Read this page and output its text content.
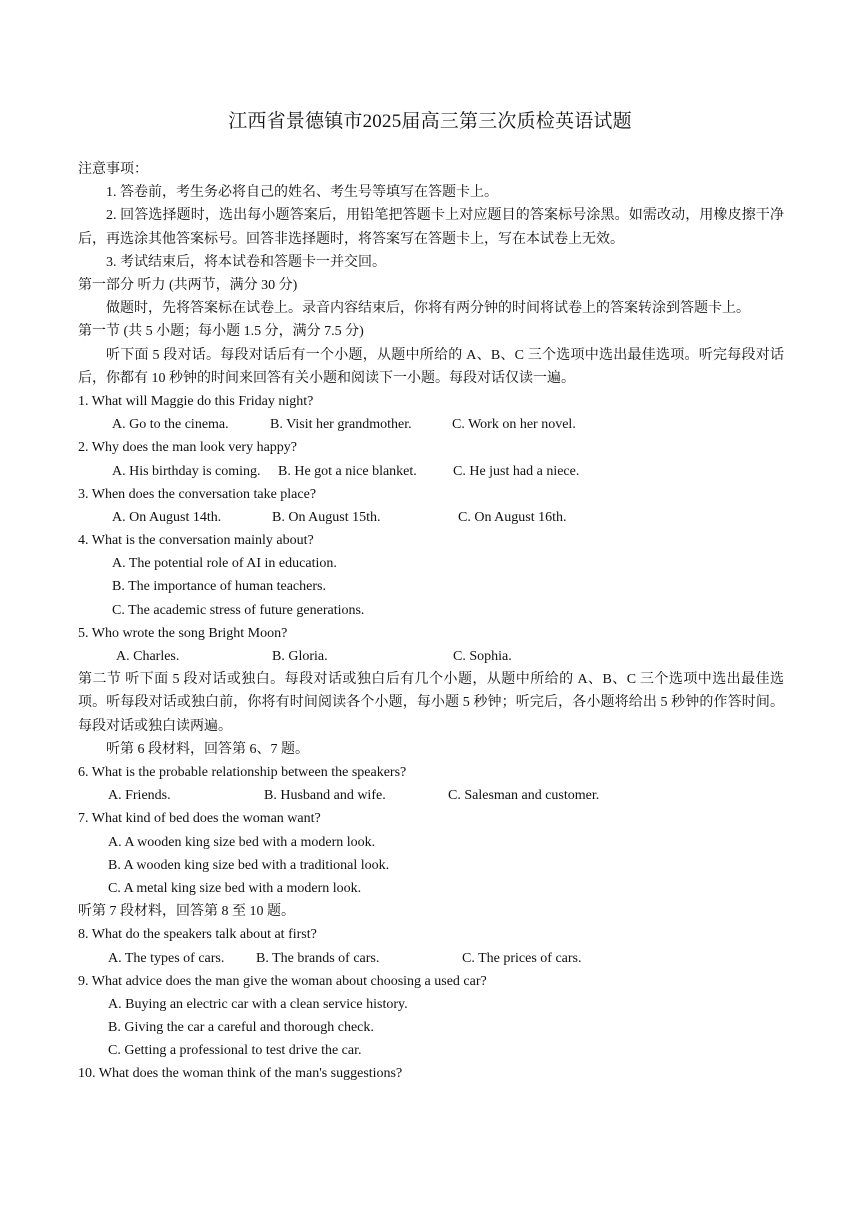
江西省景德镇市2025届高三第三次质检英语试题
注意事项：
1. 答卷前，考生务必将自己的姓名、考生号等填写在答题卡上。
2. 回答选择题时，选出每小题答案后，用铅笔把答题卡上对应题目的答案标号涂黑。如需改动，用橡皮擦干净后，再选涂其他答案标号。回答非选择题时，将答案写在答题卡上，写在本试卷上无效。
3. 考试结束后，将本试卷和答题卡一并交回。
第一部分 听力 (共两节，满分 30 分)
做题时，先将答案标在试卷上。录音内容结束后，你将有两分钟的时间将试卷上的答案转涂到答题卡上。
第一节 (共 5 小题；每小题 1.5 分，满分 7.5 分)
听下面 5 段对话。每段对话后有一个小题，从题中所给的 A、B、C 三个选项中选出最佳选项。听完每段对话后，你都有 10 秒钟的时间来回答有关小题和阅读下一小题。每段对话仅读一遍。
1. What will Maggie do this Friday night?
A. Go to the cinema.	B. Visit her grandmother.	C. Work on her novel.
2. Why does the man look very happy?
A. His birthday is coming. B. He got a nice blanket.	C. He just had a niece.
3. When does the conversation take place?
A. On August 14th.	B. On August 15th.	C. On August 16th.
4. What is the conversation mainly about?
A. The potential role of AI in education.
B. The importance of human teachers.
C. The academic stress of future generations.
5. Who wrote the song Bright Moon?
A. Charles.	B. Gloria.	C. Sophia.
第二节 听下面 5 段对话或独白。每段对话或独白后有几个小题，从题中所给的 A、B、C 三个选项中选出最佳选项。听每段对话或独白前，你将有时间阅读各个小题，每小题 5 秒钟；听完后，各小题将给出 5 秒钟的作答时间。每段对话或独白读两遍。
听第 6 段材料，回答第 6、7 题。
6. What is the probable relationship between the speakers?
A. Friends.	B. Husband and wife.	C. Salesman and customer.
7. What kind of bed does the woman want?
A. A wooden king size bed with a modern look.
B. A wooden king size bed with a traditional look.
C. A metal king size bed with a modern look.
听第 7 段材料，回答第 8 至 10 题。
8. What do the speakers talk about at first?
A. The types of cars. B. The brands of cars.	C. The prices of cars.
9. What advice does the man give the woman about choosing a used car?
A. Buying an electric car with a clean service history.
B. Giving the car a careful and thorough check.
C. Getting a professional to test drive the car.
10. What does the woman think of the man's suggestions?
